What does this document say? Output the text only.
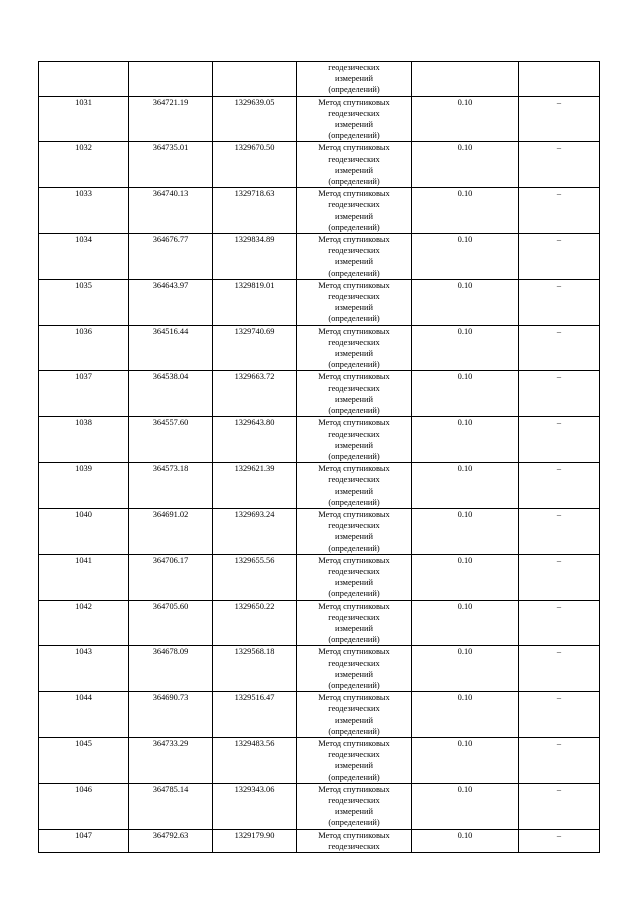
			геодезических
измерений
(определений)		

1031	364721.19	1329639.05	Метод спутниковых
геодезических
измерений
(определений)	0.10	–
1032	364735.01	1329670.50	Метод спутниковых
геодезических
измерений
(определений)	0.10	–
1033	364740.13	1329718.63	Метод спутниковых
геодезических
измерений
(определений)	0.10	–
1034	364676.77	1329834.89	Метод спутниковых
геодезических
измерений
(определений)	0.10	–
1035	364643.97	1329819.01	Метод спутниковых
геодезических
измерений
(определений)	0.10	–
1036	364516.44	1329740.69	Метод спутниковых
геодезических
измерений
(определений)	0.10	–
1037	364538.04	1329663.72	Метод спутниковых
геодезических
измерений
(определений)	0.10	–
1038	364557.60	1329643.80	Метод спутниковых
геодезических
измерений
(определений)	0.10	–
1039	364573.18	1329621.39	Метод спутниковых
геодезических
измерений
(определений)	0.10	–
1040	364691.02	1329693.24	Метод спутниковых
геодезических
измерений
(определений)	0.10	–
1041	364706.17	1329655.56	Метод спутниковых
геодезических
измерений
(определений)	0.10	–
1042	364705.60	1329650.22	Метод спутниковых
геодезических
измерений
(определений)	0.10	–
1043	364678.09	1329568.18	Метод спутниковых
геодезических
измерений
(определений)	0.10	–
1044	364690.73	1329516.47	Метод спутниковых
геодезических
измерений
(определений)	0.10	–
1045	364733.29	1329483.56	Метод спутниковых
геодезических
измерений
(определений)	0.10	–
1046	364785.14	1329343.06	Метод спутниковых
геодезических
измерений
(определений)	0.10	–
1047	364792.63	1329179.90	Метод спутниковых
геодезических	0.10	–
